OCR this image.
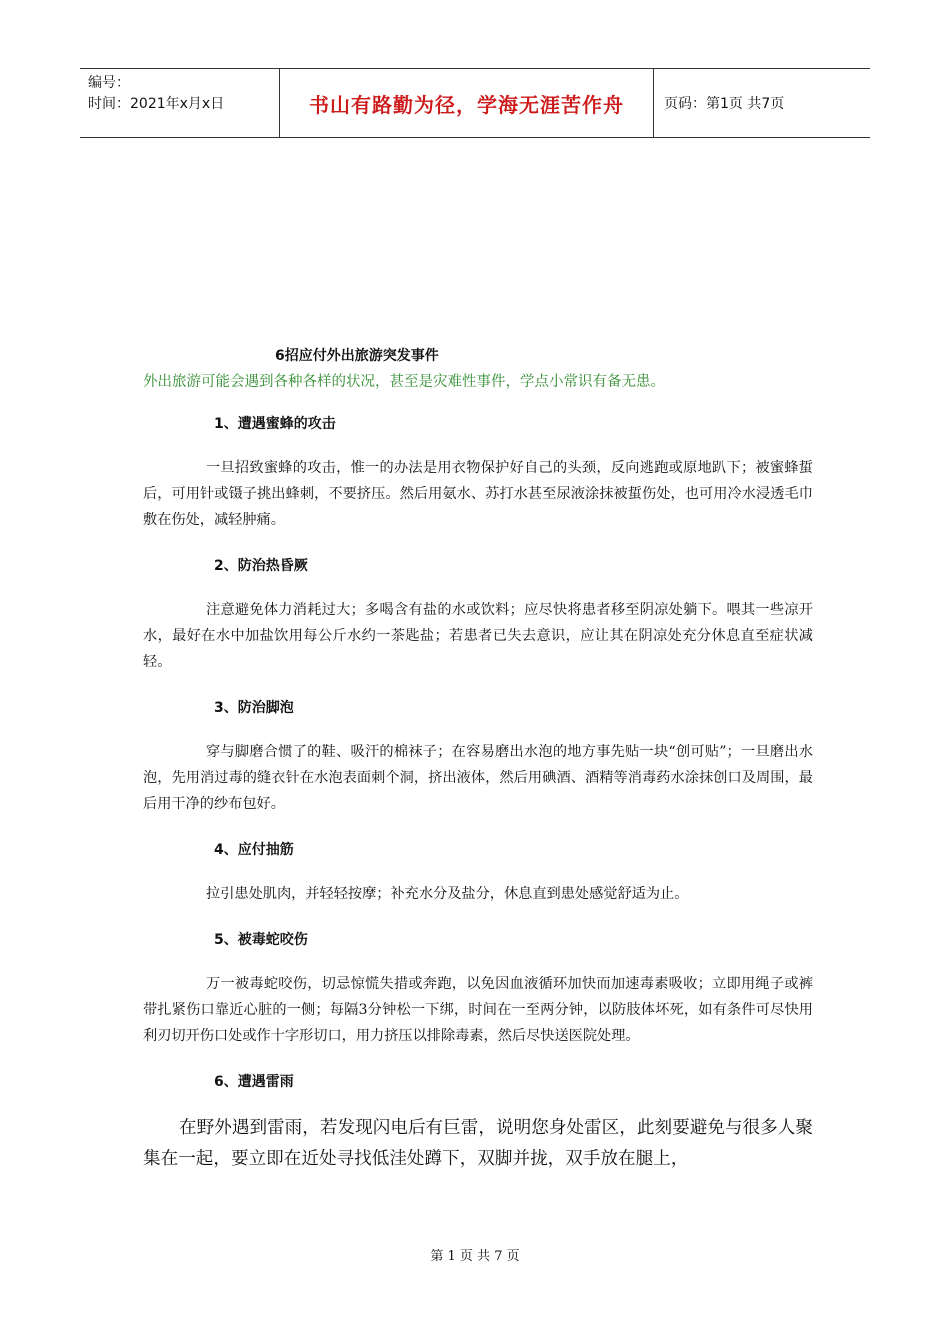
编号：
时间：2021年x月x日	书山有路勤为径，学海无涯苦作舟	页码：第1页 共7页
6招应付外出旅游突发事件

外出旅游可能会遇到各种各样的状况，甚至是灾难性事件，学点小常识有备无患。

1、遭遇蜜蜂的攻击

一旦招致蜜蜂的攻击，惟一的办法是用衣物保护好自己的头颈，反向逃跑或原地趴下；被蜜蜂蜇后，可用针或镊子挑出蜂刺，不要挤压。然后用氨水、苏打水甚至尿液涂抹被蜇伤处，也可用冷水浸透毛巾敷在伤处，减轻肿痛。

2、防治热昏厥

注意避免体力消耗过大；多喝含有盐的水或饮料；应尽快将患者移至阴凉处躺下。喂其一些凉开水，最好在水中加盐饮用每公斤水约一茶匙盐；若患者已失去意识，应让其在阴凉处充分休息直至症状减轻。

3、防治脚泡

穿与脚磨合惯了的鞋、吸汗的棉袜子；在容易磨出水泡的地方事先贴一块“创可贴”；一旦磨出水泡，先用消过毒的缝衣针在水泡表面刺个洞，挤出液体，然后用碘酒、酒精等消毒药水涂抹创口及周围，最后用干净的纱布包好。

4、应付抽筋

拉引患处肌肉，并轻轻按摩；补充水分及盐分，休息直到患处感觉舒适为止。

5、被毒蛇咬伤

万一被毒蛇咬伤，切忌惊慌失措或奔跑，以免因血液循环加快而加速毒素吸收；立即用绳子或裤带扎紧伤口靠近心脏的一侧；每隔3分钟松一下绑，时间在一至两分钟，以防肢体坏死，如有条件可尽快用利刃切开伤口处或作十字形切口，用力挤压以排除毒素，然后尽快送医院处理。

6、遭遇雷雨

在野外遇到雷雨，若发现闪电后有巨雷，说明您身处雷区，此刻要避免与很多人聚集在一起，要立即在近处寻找低洼处蹲下，双脚并拢，双手放在腿上，

第 1 页 共 7 页
